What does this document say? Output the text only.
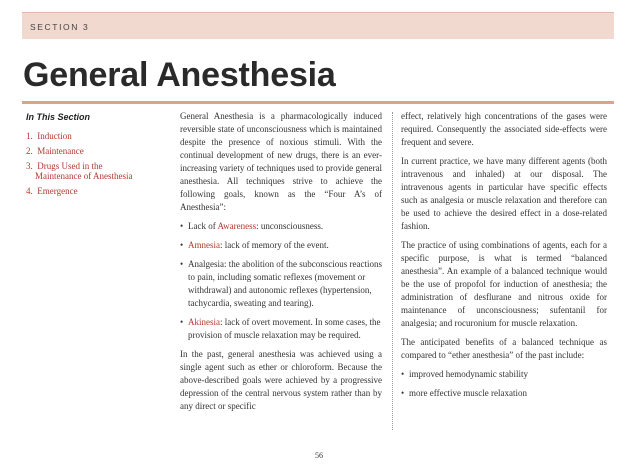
SECTION 3
General Anesthesia
In This Section
1. Induction
2. Maintenance
3. Drugs Used in the
Maintenance of Anesthesia
4. Emergence

General Anesthesia is a pharmacologically induced reversible state of unconsciousness which is maintained despite the presence of noxious stimuli. With the continual development of new drugs, there is an ever-increasing variety of techniques used to provide general anesthesia. All techniques strive to achieve the following goals, known as the “Four A’s of Anesthesia”:

• Lack of Awareness: unconsciousness.

• Amnesia: lack of memory of the event.

• Analgesia: the abolition of the subconscious reactions to pain, including somatic reflexes (movement or withdrawal) and autonomic reflexes (hypertension, tachycardia, sweating and tearing).

• Akinesia: lack of overt movement. In some cases, the provision of muscle relaxation may be required.

In the past, general anesthesia was achieved using a single agent such as ether or chloroform. Because the above-described goals were achieved by a progressive depression of the central nervous system rather than by any direct or specific

effect, relatively high concentrations of the gases were required. Consequently the associated side-effects were frequent and severe.

In current practice, we have many different agents (both intravenous and inhaled) at our disposal. The intravenous agents in particular have specific effects such as analgesia or muscle relaxation and therefore can be used to achieve the desired effect in a dose-related fashion.

The practice of using combinations of agents, each for a specific purpose, is what is termed “balanced anesthesia”. An example of a balanced technique would be the use of propofol for induction of anesthesia; the administration of desflurane and nitrous oxide for maintenance of unconsciousness; sufentanil for analgesia; and rocuronium for muscle relaxation.

The anticipated benefits of a balanced technique as compared to “ether anesthesia” of the past include:

• improved hemodynamic stability

• more effective muscle relaxation

56
